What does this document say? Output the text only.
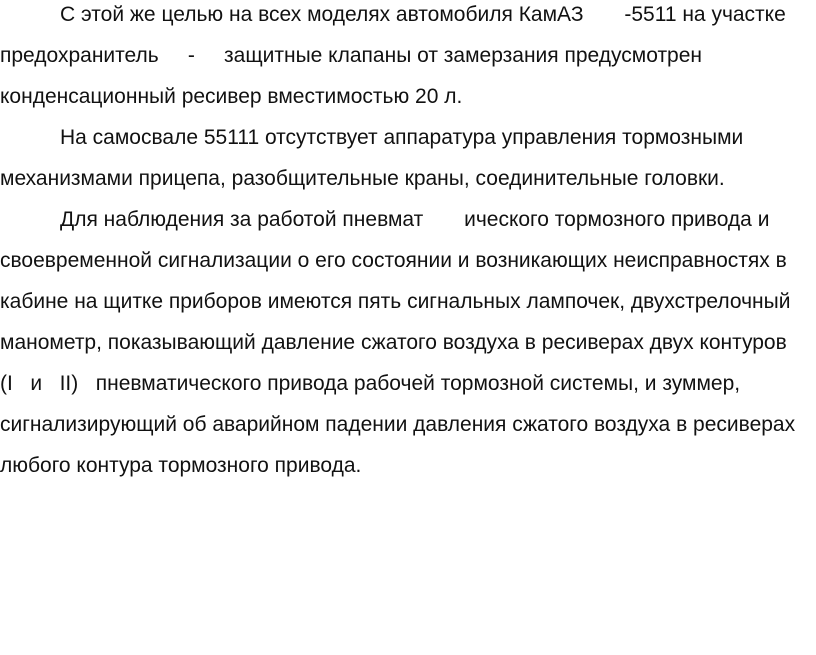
С этой же целью на всех моделях автомобиля КамАЗ       -5511 на участке
предохранитель     -     защитные клапаны от замерзания предусмотрен
конденсационный ресивер вместимостью 20 л.
На самосвале 55111 отсутствует аппаратура управления тормозными
механизмами прицепа, разобщительные краны, соединительные головки.
Для наблюдения за работой пневмат       ического тормозного привода и
своевременной сигнализации о его состоянии и возникающих неисправностях в
кабине на щитке приборов имеются пять сигнальных лампочек, двухстрелочный
манометр, показывающий давление сжатого воздуха в ресиверах двух контуров
(I   и   II)   пневматического привода рабочей тормозной системы, и зуммер,
сигнализирующий об аварийном падении давления сжатого воздуха в ресиверах
любого контура тормозного привода.
